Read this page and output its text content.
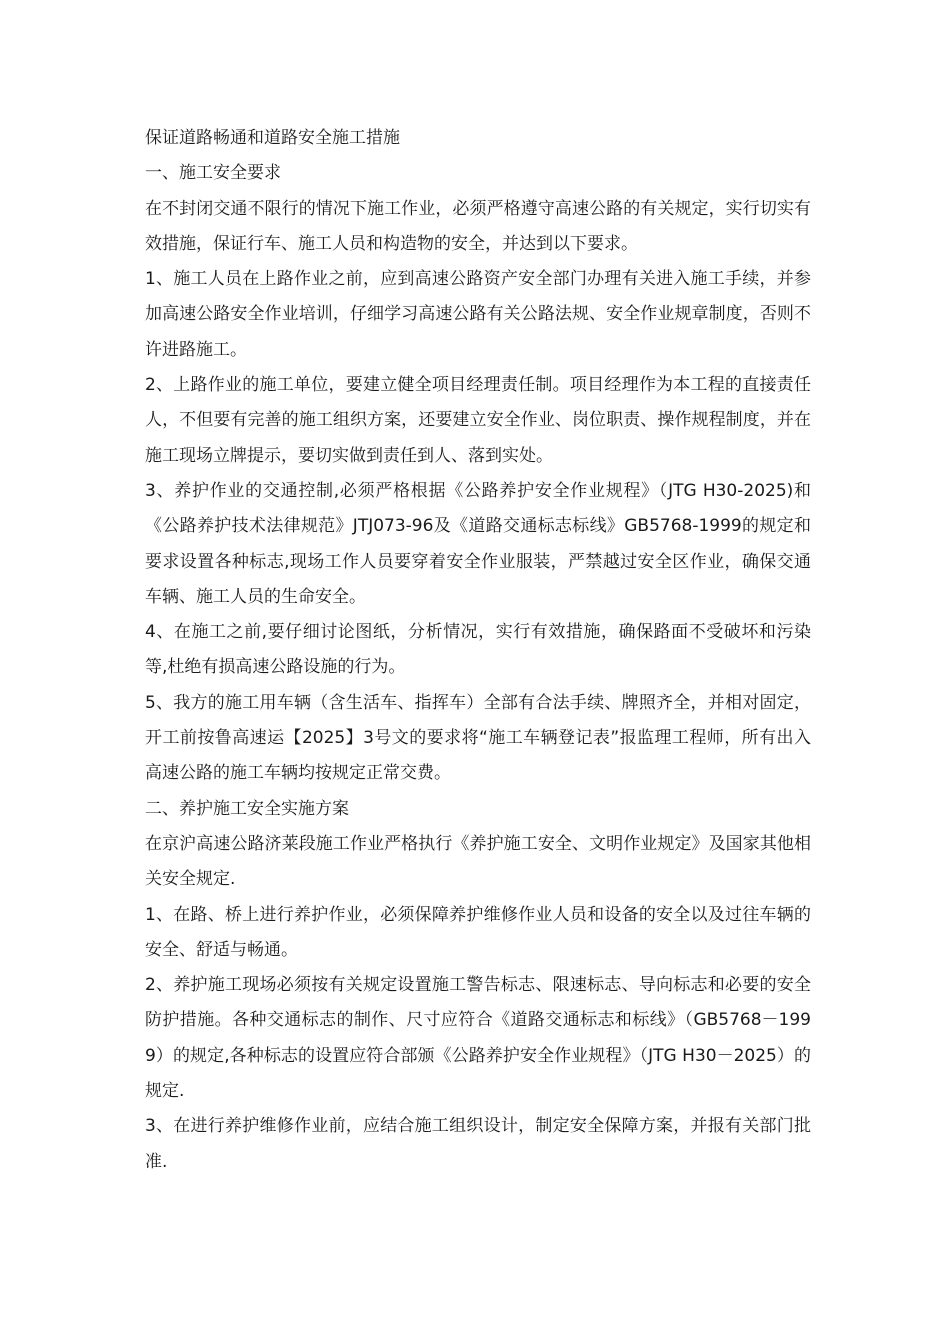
保证道路畅通和道路安全施工措施

一、施工安全要求

在不封闭交通不限行的情况下施工作业，必须严格遵守高速公路的有关规定，实行切实有效措施，保证行车、施工人员和构造物的安全，并达到以下要求。

1、施工人员在上路作业之前，应到高速公路资产安全部门办理有关进入施工手续，并参加高速公路安全作业培训，仔细学习高速公路有关公路法规、安全作业规章制度，否则不许进路施工。

2、上路作业的施工单位，要建立健全项目经理责任制。项目经理作为本工程的直接责任人，不但要有完善的施工组织方案，还要建立安全作业、岗位职责、操作规程制度，并在施工现场立牌提示，要切实做到责任到人、落到实处。

3、养护作业的交通控制,必须严格根据《公路养护安全作业规程》（JTG H30-2025)和《公路养护技术法律规范》JTJ073-96及《道路交通标志标线》GB5768-1999的规定和要求设置各种标志,现场工作人员要穿着安全作业服装，严禁越过安全区作业，确保交通车辆、施工人员的生命安全。

4、在施工之前,要仔细讨论图纸，分析情况，实行有效措施，确保路面不受破坏和污染等,杜绝有损高速公路设施的行为。

5、我方的施工用车辆（含生活车、指挥车）全部有合法手续、牌照齐全，并相对固定，开工前按鲁高速运【2025】3号文的要求将“施工车辆登记表”报监理工程师，所有出入高速公路的施工车辆均按规定正常交费。

二、养护施工安全实施方案

在京沪高速公路济莱段施工作业严格执行《养护施工安全、文明作业规定》及国家其他相关安全规定.

1、在路、桥上进行养护作业，必须保障养护维修作业人员和设备的安全以及过往车辆的安全、舒适与畅通。

2、养护施工现场必须按有关规定设置施工警告标志、限速标志、导向标志和必要的安全防护措施。各种交通标志的制作、尺寸应符合《道路交通标志和标线》（GB5768－1999）的规定,各种标志的设置应符合部颁《公路养护安全作业规程》（JTG H30－2025）的规定.

3、在进行养护维修作业前，应结合施工组织设计，制定安全保障方案，并报有关部门批准.
